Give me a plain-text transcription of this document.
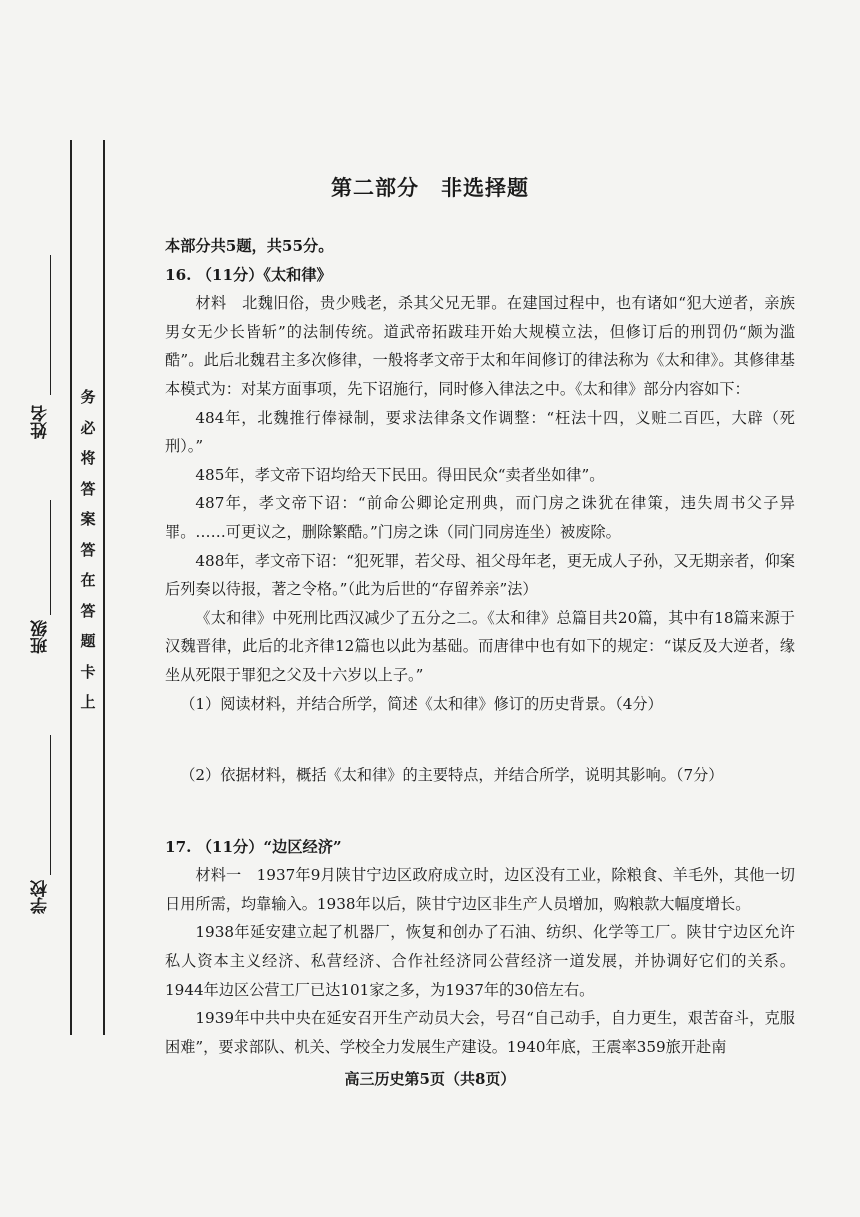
姓名
班级
学校
务
必
将
答
案
答
在
答
题
卡
上
第二部分　非选择题

本部分共5题，共55分。

16. （11分）《太和律》

材料　北魏旧俗，贵少贱老，杀其父兄无罪。在建国过程中，也有诸如“犯大逆者，亲族男女无少长皆斩”的法制传统。道武帝拓跋珪开始大规模立法，但修订后的刑罚仍“颇为滥酷”。此后北魏君主多次修律，一般将孝文帝于太和年间修订的律法称为《太和律》。其修律基本模式为：对某方面事项，先下诏施行，同时修入律法之中。《太和律》部分内容如下：

484年，北魏推行俸禄制，要求法律条文作调整：“枉法十四，义赃二百匹，大辟（死刑）。”

485年，孝文帝下诏均给天下民田。得田民众“卖者坐如律”。

487年，孝文帝下诏：“前命公卿论定刑典，而门房之诛犹在律策，违失周书父子异罪。……可更议之，删除繁酷。”门房之诛（同门同房连坐）被废除。

488年，孝文帝下诏：“犯死罪，若父母、祖父母年老，更无成人子孙，又无期亲者，仰案后列奏以待报，著之令格。”（此为后世的“存留养亲”法）

《太和律》中死刑比西汉减少了五分之二。《太和律》总篇目共20篇，其中有18篇来源于汉魏晋律，此后的北齐律12篇也以此为基础。而唐律中也有如下的规定：“谋反及大逆者，缘坐从死限于罪犯之父及十六岁以上子。”

（1）阅读材料，并结合所学，简述《太和律》修订的历史背景。（4分）

（2）依据材料，概括《太和律》的主要特点，并结合所学，说明其影响。（7分）

17. （11分）“边区经济”

材料一　1937年9月陕甘宁边区政府成立时，边区没有工业，除粮食、羊毛外，其他一切日用所需，均靠输入。1938年以后，陕甘宁边区非生产人员增加，购粮款大幅度增长。

1938年延安建立起了机器厂，恢复和创办了石油、纺织、化学等工厂。陕甘宁边区允许私人资本主义经济、私营经济、合作社经济同公营经济一道发展，并协调好它们的关系。1944年边区公营工厂已达101家之多，为1937年的30倍左右。

1939年中共中央在延安召开生产动员大会，号召“自己动手，自力更生，艰苦奋斗，克服困难”，要求部队、机关、学校全力发展生产建设。1940年底，王震率359旅开赴南

高三历史第5页（共8页）
